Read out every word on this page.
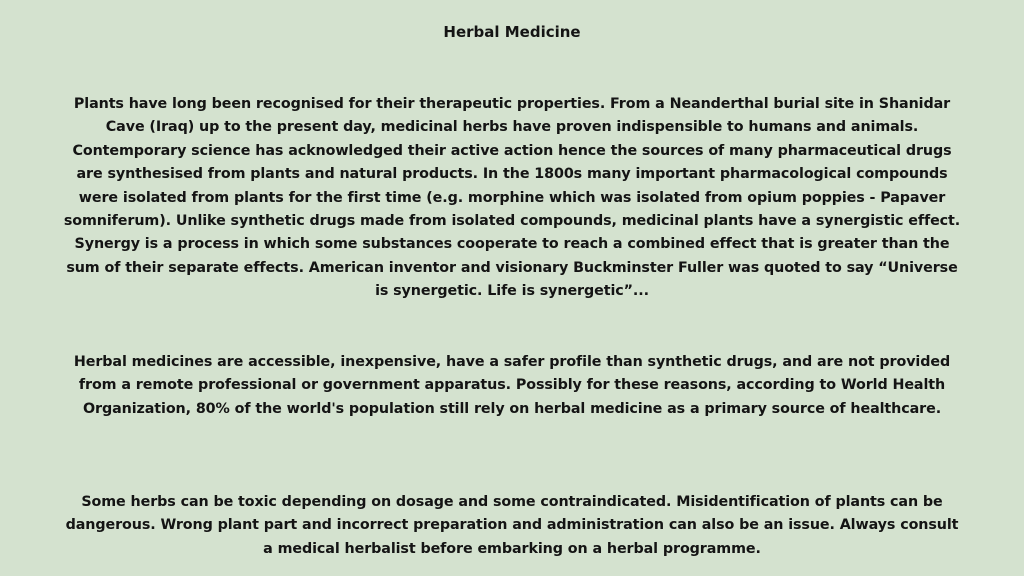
Herbal Medicine

Plants have long been recognised for their therapeutic properties. From a Neanderthal burial site in Shanidar Cave (Iraq) up to the present day, medicinal herbs have proven indispensible to humans and animals. Contemporary science has acknowledged their active action hence the sources of many pharmaceutical drugs are synthesised from plants and natural products. In the 1800s many important pharmacological compounds were isolated from plants for the first time (e.g. morphine which was isolated from opium poppies - Papaver somniferum). Unlike synthetic drugs made from isolated compounds, medicinal plants have a synergistic effect. Synergy is a process in which some substances cooperate to reach a combined effect that is greater than the sum of their separate effects. American inventor and visionary Buckminster Fuller was quoted to say “Universe is synergetic. Life is synergetic”...

Herbal medicines are accessible, inexpensive, have a safer profile than synthetic drugs, and are not provided from a remote professional or government apparatus. Possibly for these reasons, according to World Health Organization, 80% of the world's population still rely on herbal medicine as a primary source of healthcare.

Some herbs can be toxic depending on dosage and some contraindicated. Misidentification of plants can be dangerous. Wrong plant part and incorrect preparation and administration can also be an issue. Always consult a medical herbalist before embarking on a herbal programme.
